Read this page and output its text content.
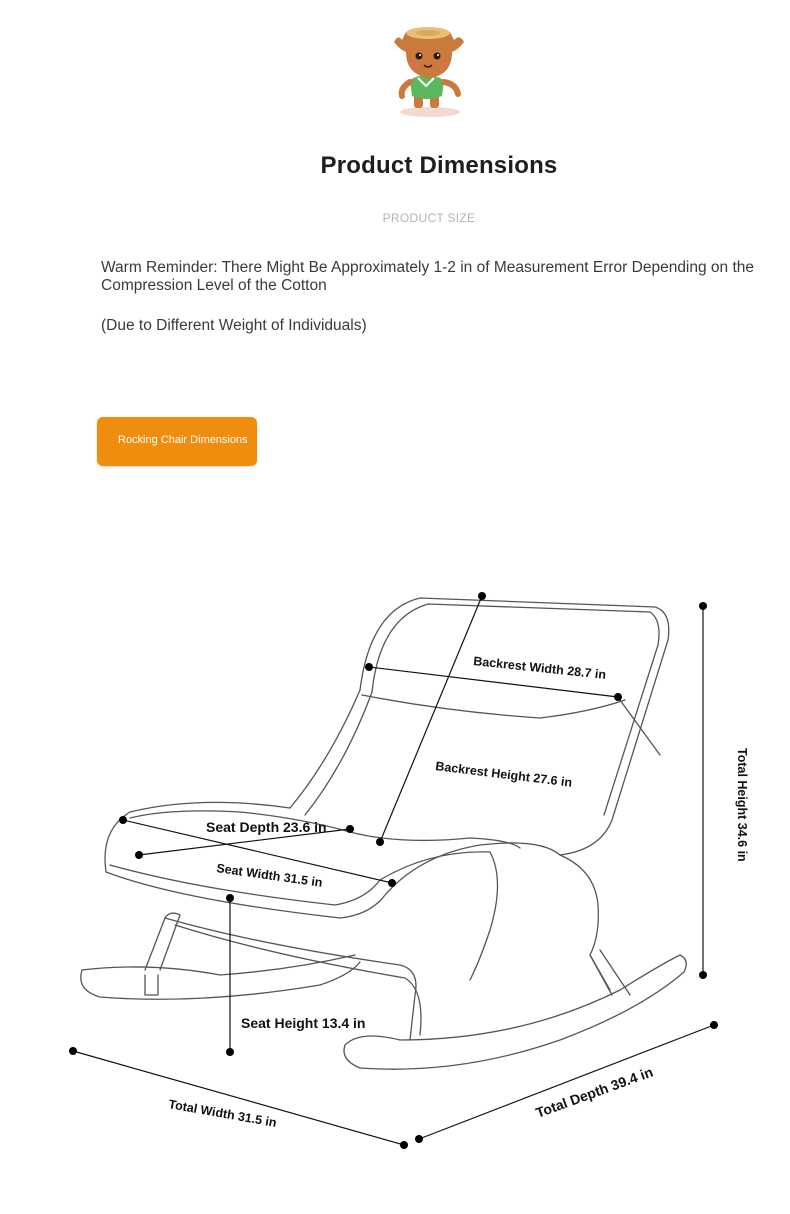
Product Dimensions
PRODUCT SIZE
Warm Reminder: There Might Be Approximately 1-2 in of Measurement Error Depending on the Compression Level of the Cotton
(Due to Different Weight of Individuals)
Rocking Chair Dimensions
Backrest Width 28.7 in
Backrest Height 27.6 in	Total Height 34.6 in
Seat Depth 23.6 in
Seat Width 31.5 in
Seat Height 13.4 in
Total Width 31.5 in	Total Depth 39.4 in
